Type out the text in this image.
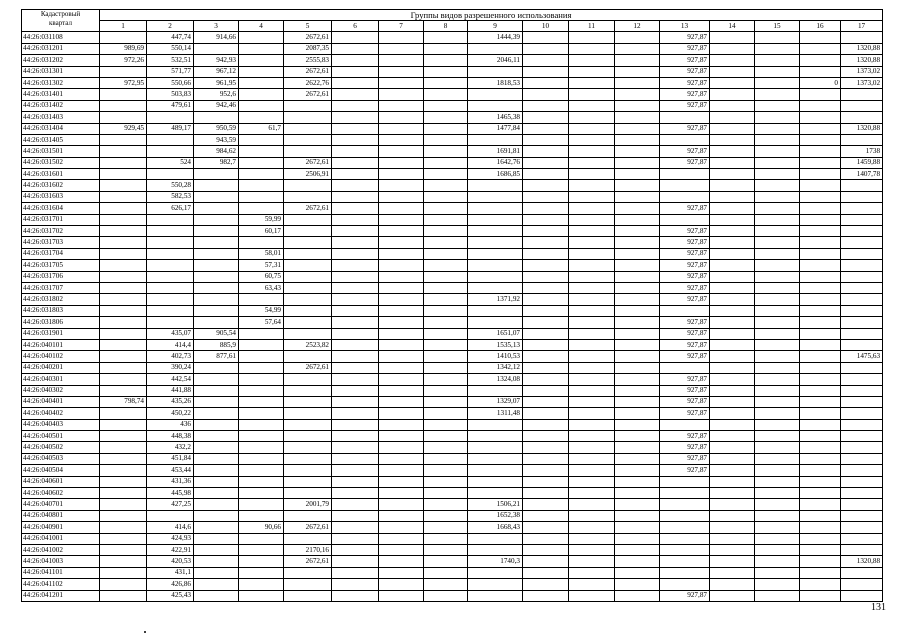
Кадастровый
квартал	Группы видов разрешенного использования																
	1	2	3	4	5	6	7	8	9	10	11	12	13	14	15	16	17
44:26:031108		447,74	914,66		2672,61				1444,39				927,87				
44:26:031201	989,69	550,14			2087,35								927,87				1320,88
44:26:031202	972,26	532,51	942,93		2555,83				2046,11				927,87				1320,88
44:26:031301		571,77	967,12		2672,61								927,87				1373,02
44:26:031302	972,95	550,66	961,95		2622,76				1818,53				927,87			0	1373,02
44:26:031401		503,83	952,6		2672,61								927,87				
44:26:031402		479,61	942,46										927,87				
44:26:031403									1465,38								
44:26:031404	929,45	489,17	950,59	61,7					1477,84				927,87				1320,88
44:26:031405			943,59														
44:26:031501			984,62						1691,81				927,87				1738
44:26:031502		524	982,7		2672,61				1642,76				927,87				1459,88
44:26:031601					2506,91				1686,85								1407,78
44:26:031602		550,28															
44:26:031603		582,53															
44:26:031604		626,17			2672,61								927,87				
44:26:031701				59,99													
44:26:031702				60,17									927,87				
44:26:031703													927,87				
44:26:031704				58,01									927,87				
44:26:031705				57,31									927,87				
44:26:031706				60,75									927,87				
44:26:031707				63,43									927,87				
44:26:031802									1371,92				927,87				
44:26:031803				54,99													
44:26:031806				57,64									927,87				
44:26:031901		435,07	905,54						1651,07				927,87				
44:26:040101		414,4	885,9		2523,82				1535,13				927,87				
44:26:040102		402,73	877,61						1410,53				927,87				1475,63
44:26:040201		390,24			2672,61				1342,12								
44:26:040301		442,54							1324,08				927,87				
44:26:040302		441,88											927,87				
44:26:040401	798,74	435,26							1329,07				927,87				
44:26:040402		450,22							1311,48				927,87				
44:26:040403		436															
44:26:040501		448,38											927,87				
44:26:040502		432,2											927,87				
44:26:040503		451,84											927,87				
44:26:040504		453,44											927,87				
44:26:040601		431,36															
44:26:040602		445,98															
44:26:040701		427,25			2001,79				1506,21								
44:26:040801									1652,38								
44:26:040901		414,6		90,66	2672,61				1668,43								
44:26:041001		424,93															
44:26:041002		422,91			2170,16												
44:26:041003		420,53			2672,61				1740,3								1320,88
44:26:041101		431,1															
44:26:041102		426,86															
44:26:041201		425,43											927,87				
131
